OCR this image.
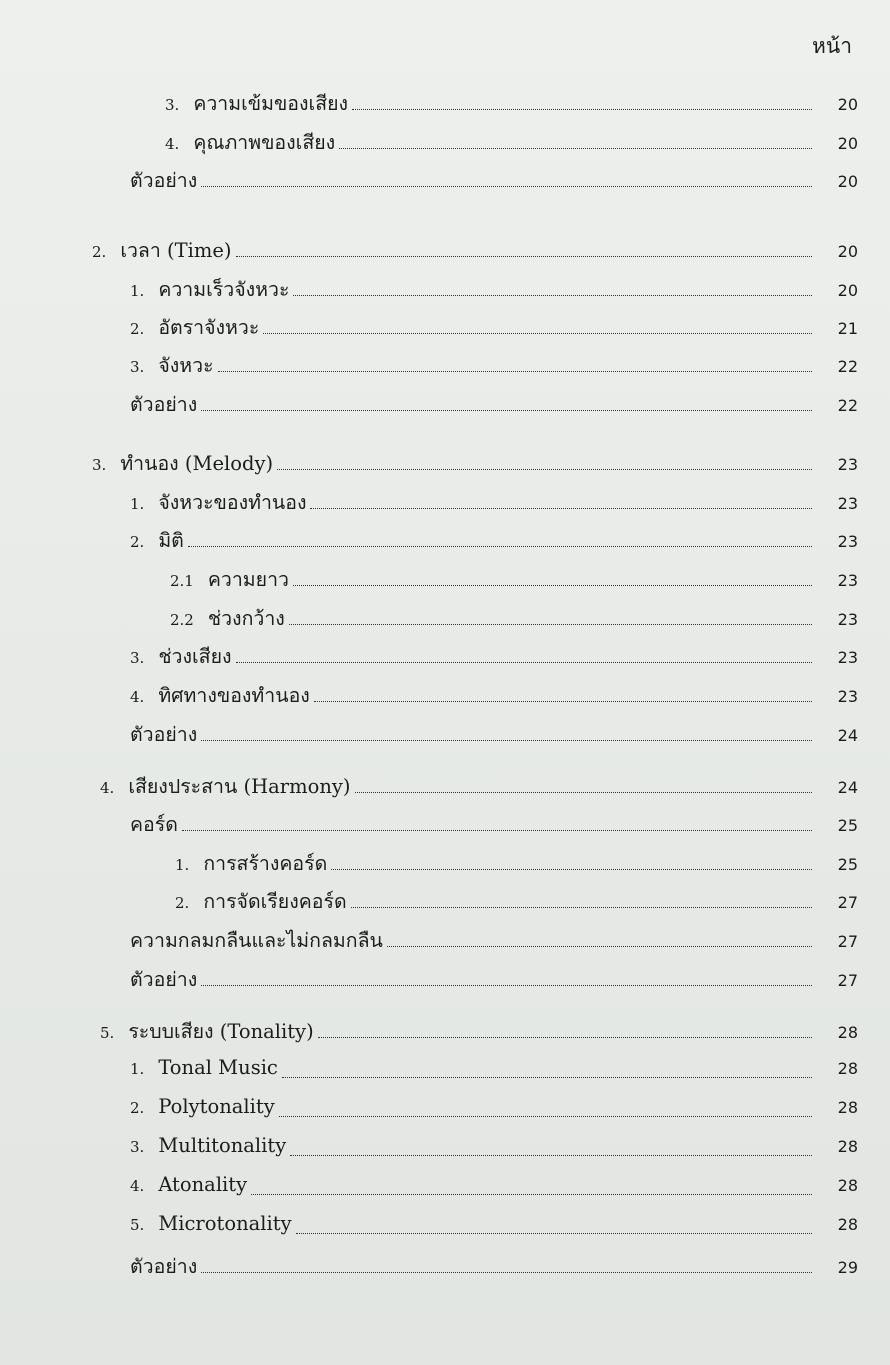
หน้า
3. ความเข้มของเสียง	20
4. คุณภาพของเสียง	20
ตัวอย่าง	20
2. เวลา (Time)	20
1. ความเร็วจังหวะ	20
2. อัตราจังหวะ	21
3. จังหวะ	22
ตัวอย่าง	22
3. ทำนอง (Melody)	23
1. จังหวะของทำนอง	23
2. มิติ	23
2.1 ความยาว	23
2.2 ช่วงกว้าง	23
3. ช่วงเสียง	23
4. ทิศทางของทำนอง	23
ตัวอย่าง	24
4. เสียงประสาน (Harmony)	24
คอร์ด	25
1. การสร้างคอร์ด	25
2. การจัดเรียงคอร์ด	27
ความกลมกลืนและไม่กลมกลืน	27
ตัวอย่าง	27
5. ระบบเสียง (Tonality)	28
1. Tonal Music	28
2. Polytonality	28
3. Multitonality	28
4. Atonality	28
5. Microtonality	28
ตัวอย่าง	29
